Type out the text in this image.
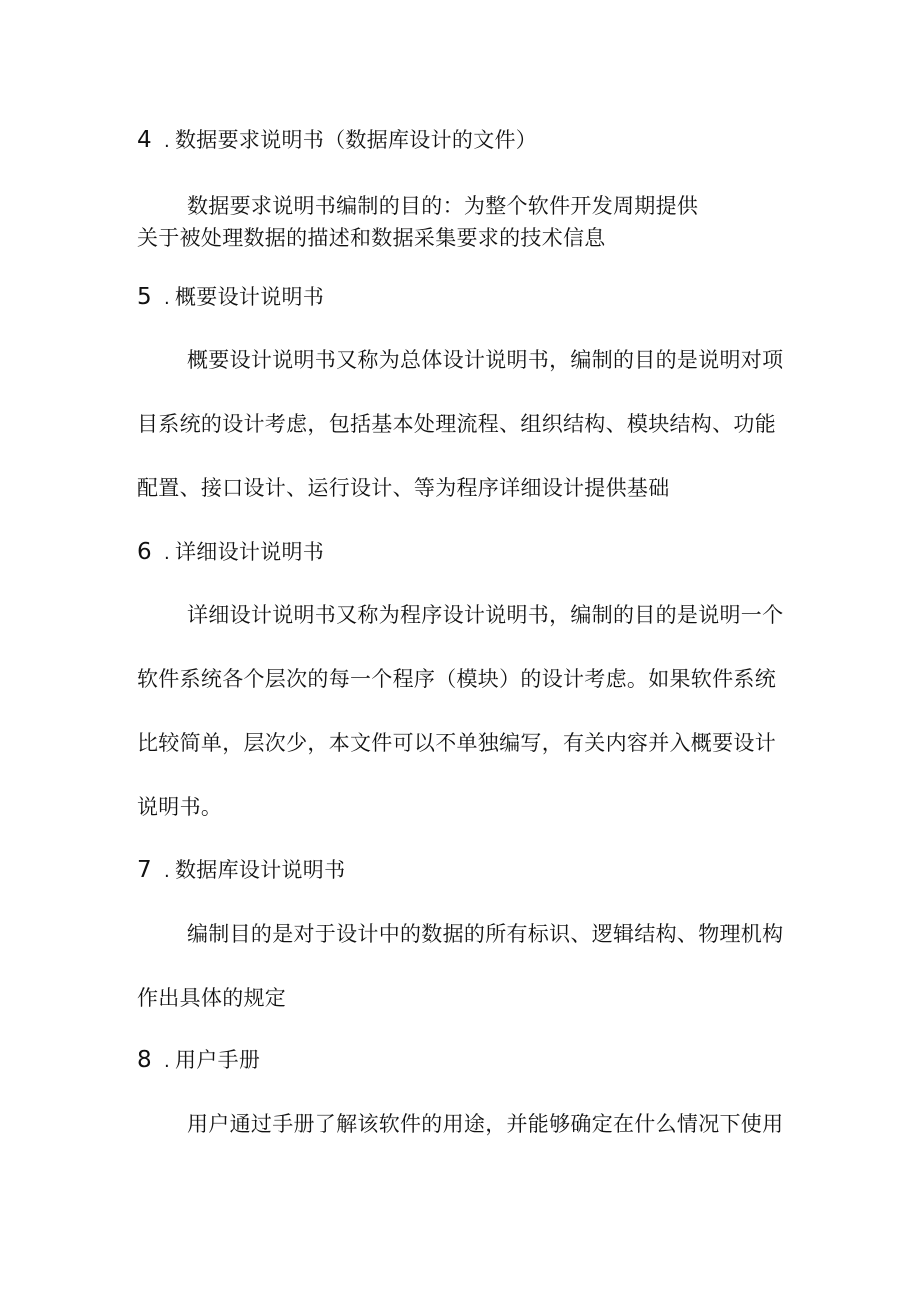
4 . 数据要求说明书（数据库设计的文件）
数据要求说明书编制的目的：为整个软件开发周期提供
关于被处理数据的描述和数据采集要求的技术信息
5 . 概要设计说明书
概要设计说明书又称为总体设计说明书，编制的目的是说明对项
目系统的设计考虑，包括基本处理流程、组织结构、模块结构、功能
配置、接口设计、运行设计、等为程序详细设计提供基础
6 . 详细设计说明书
详细设计说明书又称为程序设计说明书，编制的目的是说明一个
软件系统各个层次的每一个程序（模块）的设计考虑。如果软件系统
比较简单，层次少，本文件可以不单独编写，有关内容并入概要设计
说明书。
7 . 数据库设计说明书
编制目的是对于设计中的数据的所有标识、逻辑结构、物理机构
作出具体的规定
8 . 用户手册
用户通过手册了解该软件的用途，并能够确定在什么情况下使用
